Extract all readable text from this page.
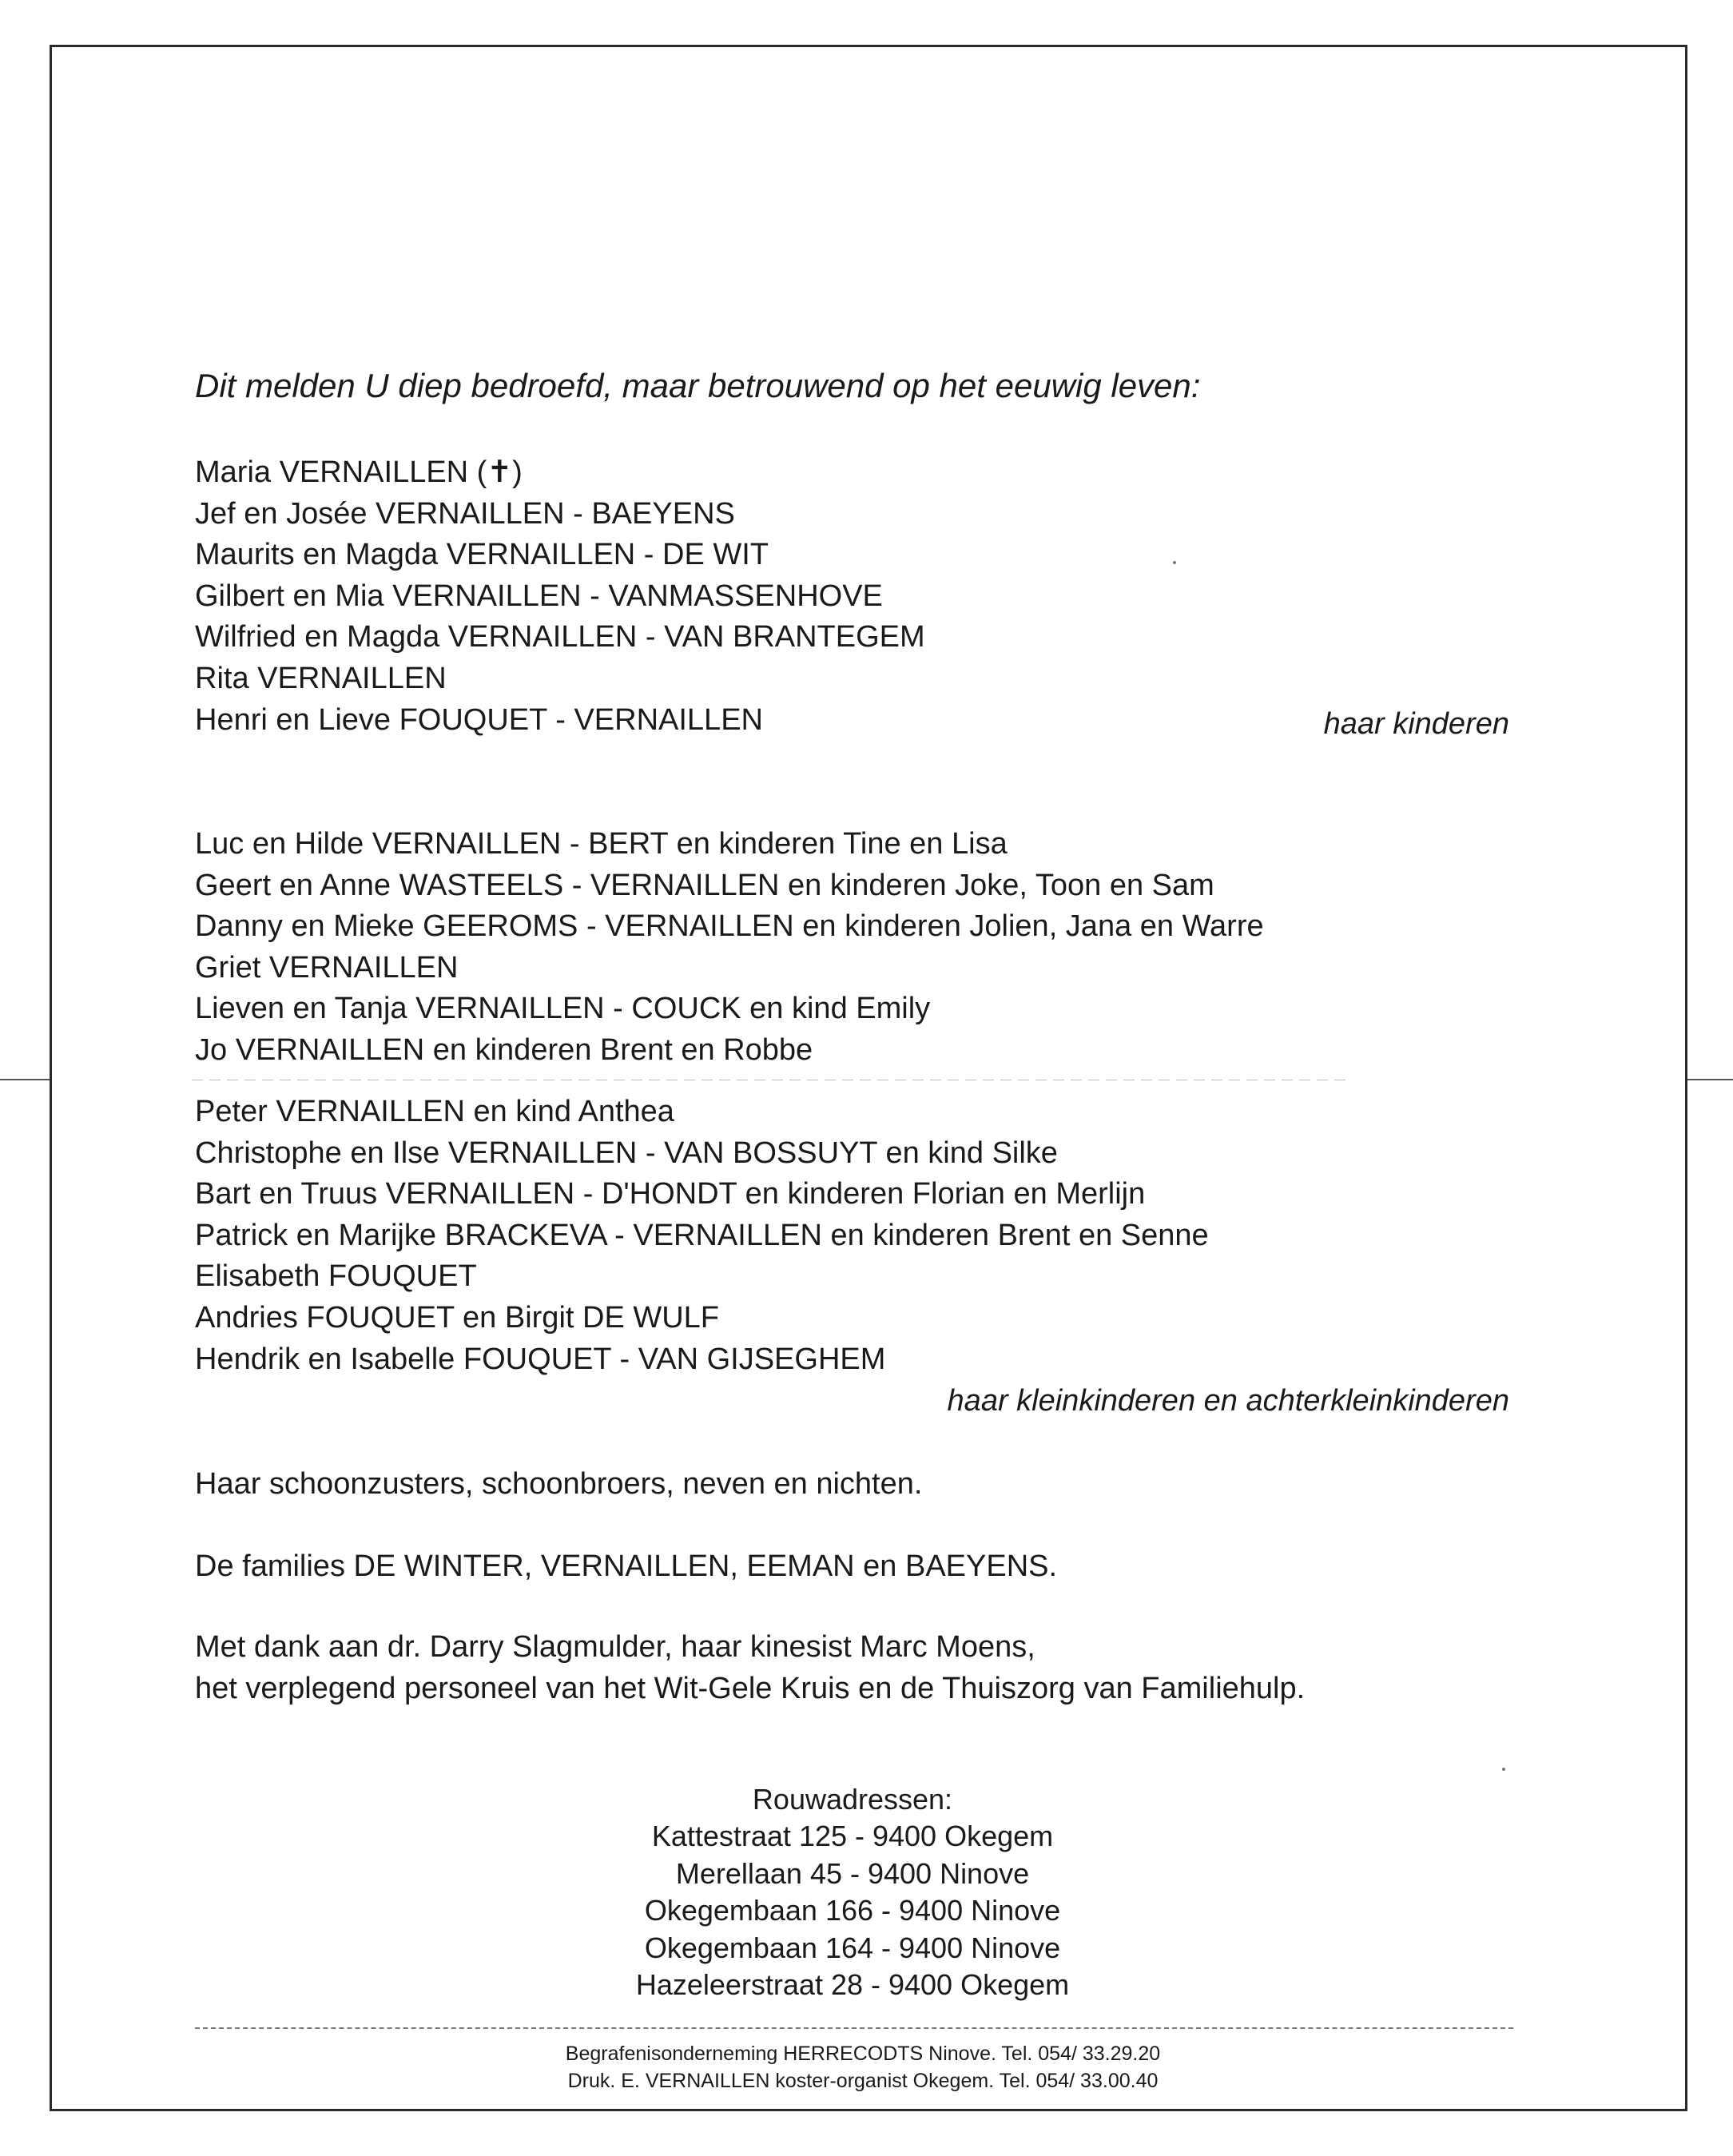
Dit melden U diep bedroefd, maar betrouwend op het eeuwig leven:
Maria VERNAILLEN (✝)
Jef en Josée VERNAILLEN - BAEYENS
Maurits en Magda VERNAILLEN - DE WIT
Gilbert en Mia VERNAILLEN - VANMASSENHOVE
Wilfried en Magda VERNAILLEN - VAN BRANTEGEM
Rita VERNAILLEN
Henri en Lieve FOUQUET - VERNAILLEN	haar kinderen
Luc en Hilde VERNAILLEN - BERT en kinderen Tine en Lisa
Geert en Anne WASTEELS - VERNAILLEN en kinderen Joke, Toon en Sam
Danny en Mieke GEEROMS - VERNAILLEN en kinderen Jolien, Jana en Warre
Griet VERNAILLEN
Lieven en Tanja VERNAILLEN - COUCK en kind Emily
Jo VERNAILLEN en kinderen Brent en Robbe
Peter VERNAILLEN en kind Anthea
Christophe en Ilse VERNAILLEN - VAN BOSSUYT en kind Silke
Bart en Truus VERNAILLEN - D'HONDT en kinderen Florian en Merlijn
Patrick en Marijke BRACKEVA - VERNAILLEN en kinderen Brent en Senne
Elisabeth FOUQUET
Andries FOUQUET en Birgit DE WULF
Hendrik en Isabelle FOUQUET - VAN GIJSEGHEM
haar kleinkinderen en achterkleinkinderen
Haar schoonzusters, schoonbroers, neven en nichten.
De families DE WINTER, VERNAILLEN, EEMAN en BAEYENS.
Met dank aan dr. Darry Slagmulder, haar kinesist Marc Moens,
het verplegend personeel van het Wit-Gele Kruis en de Thuiszorg van Familiehulp.
Rouwadressen:
Kattestraat 125 - 9400 Okegem
Merellaan 45 - 9400 Ninove
Okegembaan 166 - 9400 Ninove
Okegembaan 164 - 9400 Ninove
Hazeleerstraat 28 - 9400 Okegem
Begrafenisonderneming HERRECODTS Ninove. Tel. 054/ 33.29.20
Druk. E. VERNAILLEN koster-organist Okegem. Tel. 054/ 33.00.40
